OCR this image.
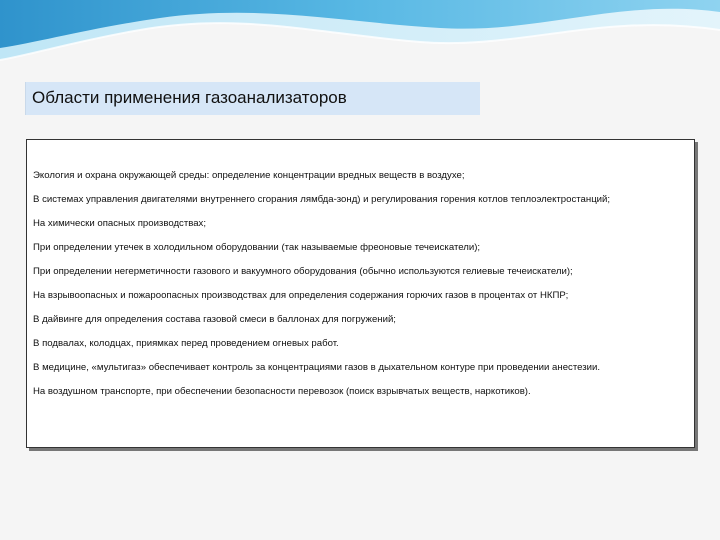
Области применения газоанализаторов
Экология и охрана окружающей среды: определение концентрации вредных веществ в воздухе;
В системах управления двигателями внутреннего сгорания лямбда-зонд) и регулирования горения котлов теплоэлектростанций;
На химически опасных производствах;
При определении утечек в холодильном оборудовании (так называемые фреоновые течеискатели);
При определении негерметичности газового и вакуумного оборудования (обычно используются гелиевые течеискатели);
На взрывоопасных и пожароопасных производствах для определения содержания горючих газов в процентах от НКПР;
В дайвинге для определения состава газовой смеси в баллонах для погружений;
В подвалах, колодцах, приямках перед проведением огневых работ.
В медицине, «мультигаз» обеспечивает контроль за концентрациями газов в дыхательном контуре при проведении анестезии.
На воздушном транспорте, при обеспечении безопасности перевозок (поиск взрывчатых веществ, наркотиков).
